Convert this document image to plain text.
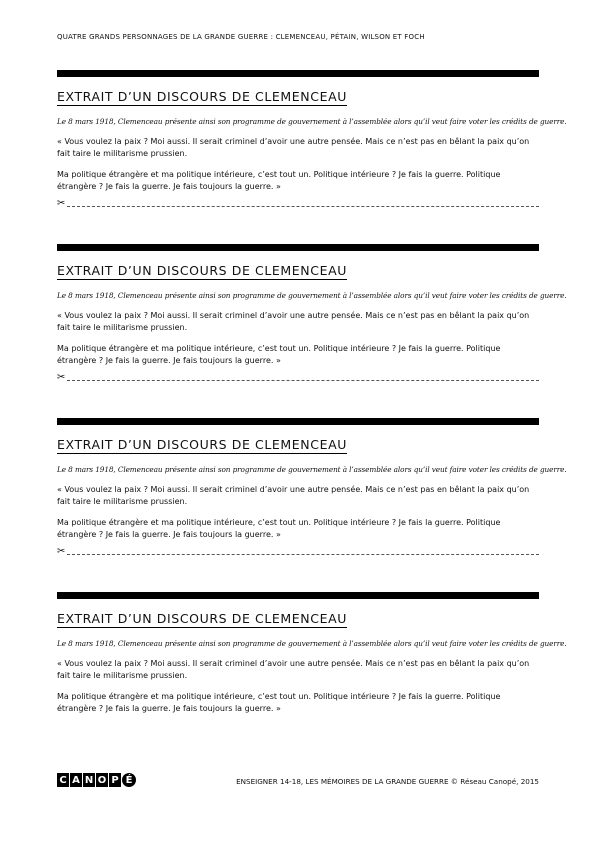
QUATRE GRANDS PERSONNAGES DE LA GRANDE GUERRE : CLEMENCEAU, PÉTAIN, WILSON ET FOCH
EXTRAIT D’UN DISCOURS DE CLEMENCEAU
Le 8 mars 1918, Clemenceau présente ainsi son programme de gouvernement à l’assemblée alors qu’il veut faire voter les crédits de guerre.
« Vous voulez la paix ? Moi aussi. Il serait criminel d’avoir une autre pensée. Mais ce n’est pas en bêlant la paix qu’on fait taire le militarisme prussien.
Ma politique étrangère et ma politique intérieure, c’est tout un. Politique intérieure ? Je fais la guerre. Politique étrangère ? Je fais la guerre. Je fais toujours la guerre. »
✂
EXTRAIT D’UN DISCOURS DE CLEMENCEAU
Le 8 mars 1918, Clemenceau présente ainsi son programme de gouvernement à l’assemblée alors qu’il veut faire voter les crédits de guerre.
« Vous voulez la paix ? Moi aussi. Il serait criminel d’avoir une autre pensée. Mais ce n’est pas en bêlant la paix qu’on fait taire le militarisme prussien.
Ma politique étrangère et ma politique intérieure, c’est tout un. Politique intérieure ? Je fais la guerre. Politique étrangère ? Je fais la guerre. Je fais toujours la guerre. »
✂
EXTRAIT D’UN DISCOURS DE CLEMENCEAU
Le 8 mars 1918, Clemenceau présente ainsi son programme de gouvernement à l’assemblée alors qu’il veut faire voter les crédits de guerre.
« Vous voulez la paix ? Moi aussi. Il serait criminel d’avoir une autre pensée. Mais ce n’est pas en bêlant la paix qu’on fait taire le militarisme prussien.
Ma politique étrangère et ma politique intérieure, c’est tout un. Politique intérieure ? Je fais la guerre. Politique étrangère ? Je fais la guerre. Je fais toujours la guerre. »
✂
EXTRAIT D’UN DISCOURS DE CLEMENCEAU
Le 8 mars 1918, Clemenceau présente ainsi son programme de gouvernement à l’assemblée alors qu’il veut faire voter les crédits de guerre.
« Vous voulez la paix ? Moi aussi. Il serait criminel d’avoir une autre pensée. Mais ce n’est pas en bêlant la paix qu’on fait taire le militarisme prussien.
Ma politique étrangère et ma politique intérieure, c’est tout un. Politique intérieure ? Je fais la guerre. Politique étrangère ? Je fais la guerre. Je fais toujours la guerre. »
C A N O P É	ENSEIGNER 14-18, LES MÉMOIRES DE LA GRANDE GUERRE © Réseau Canopé, 2015
